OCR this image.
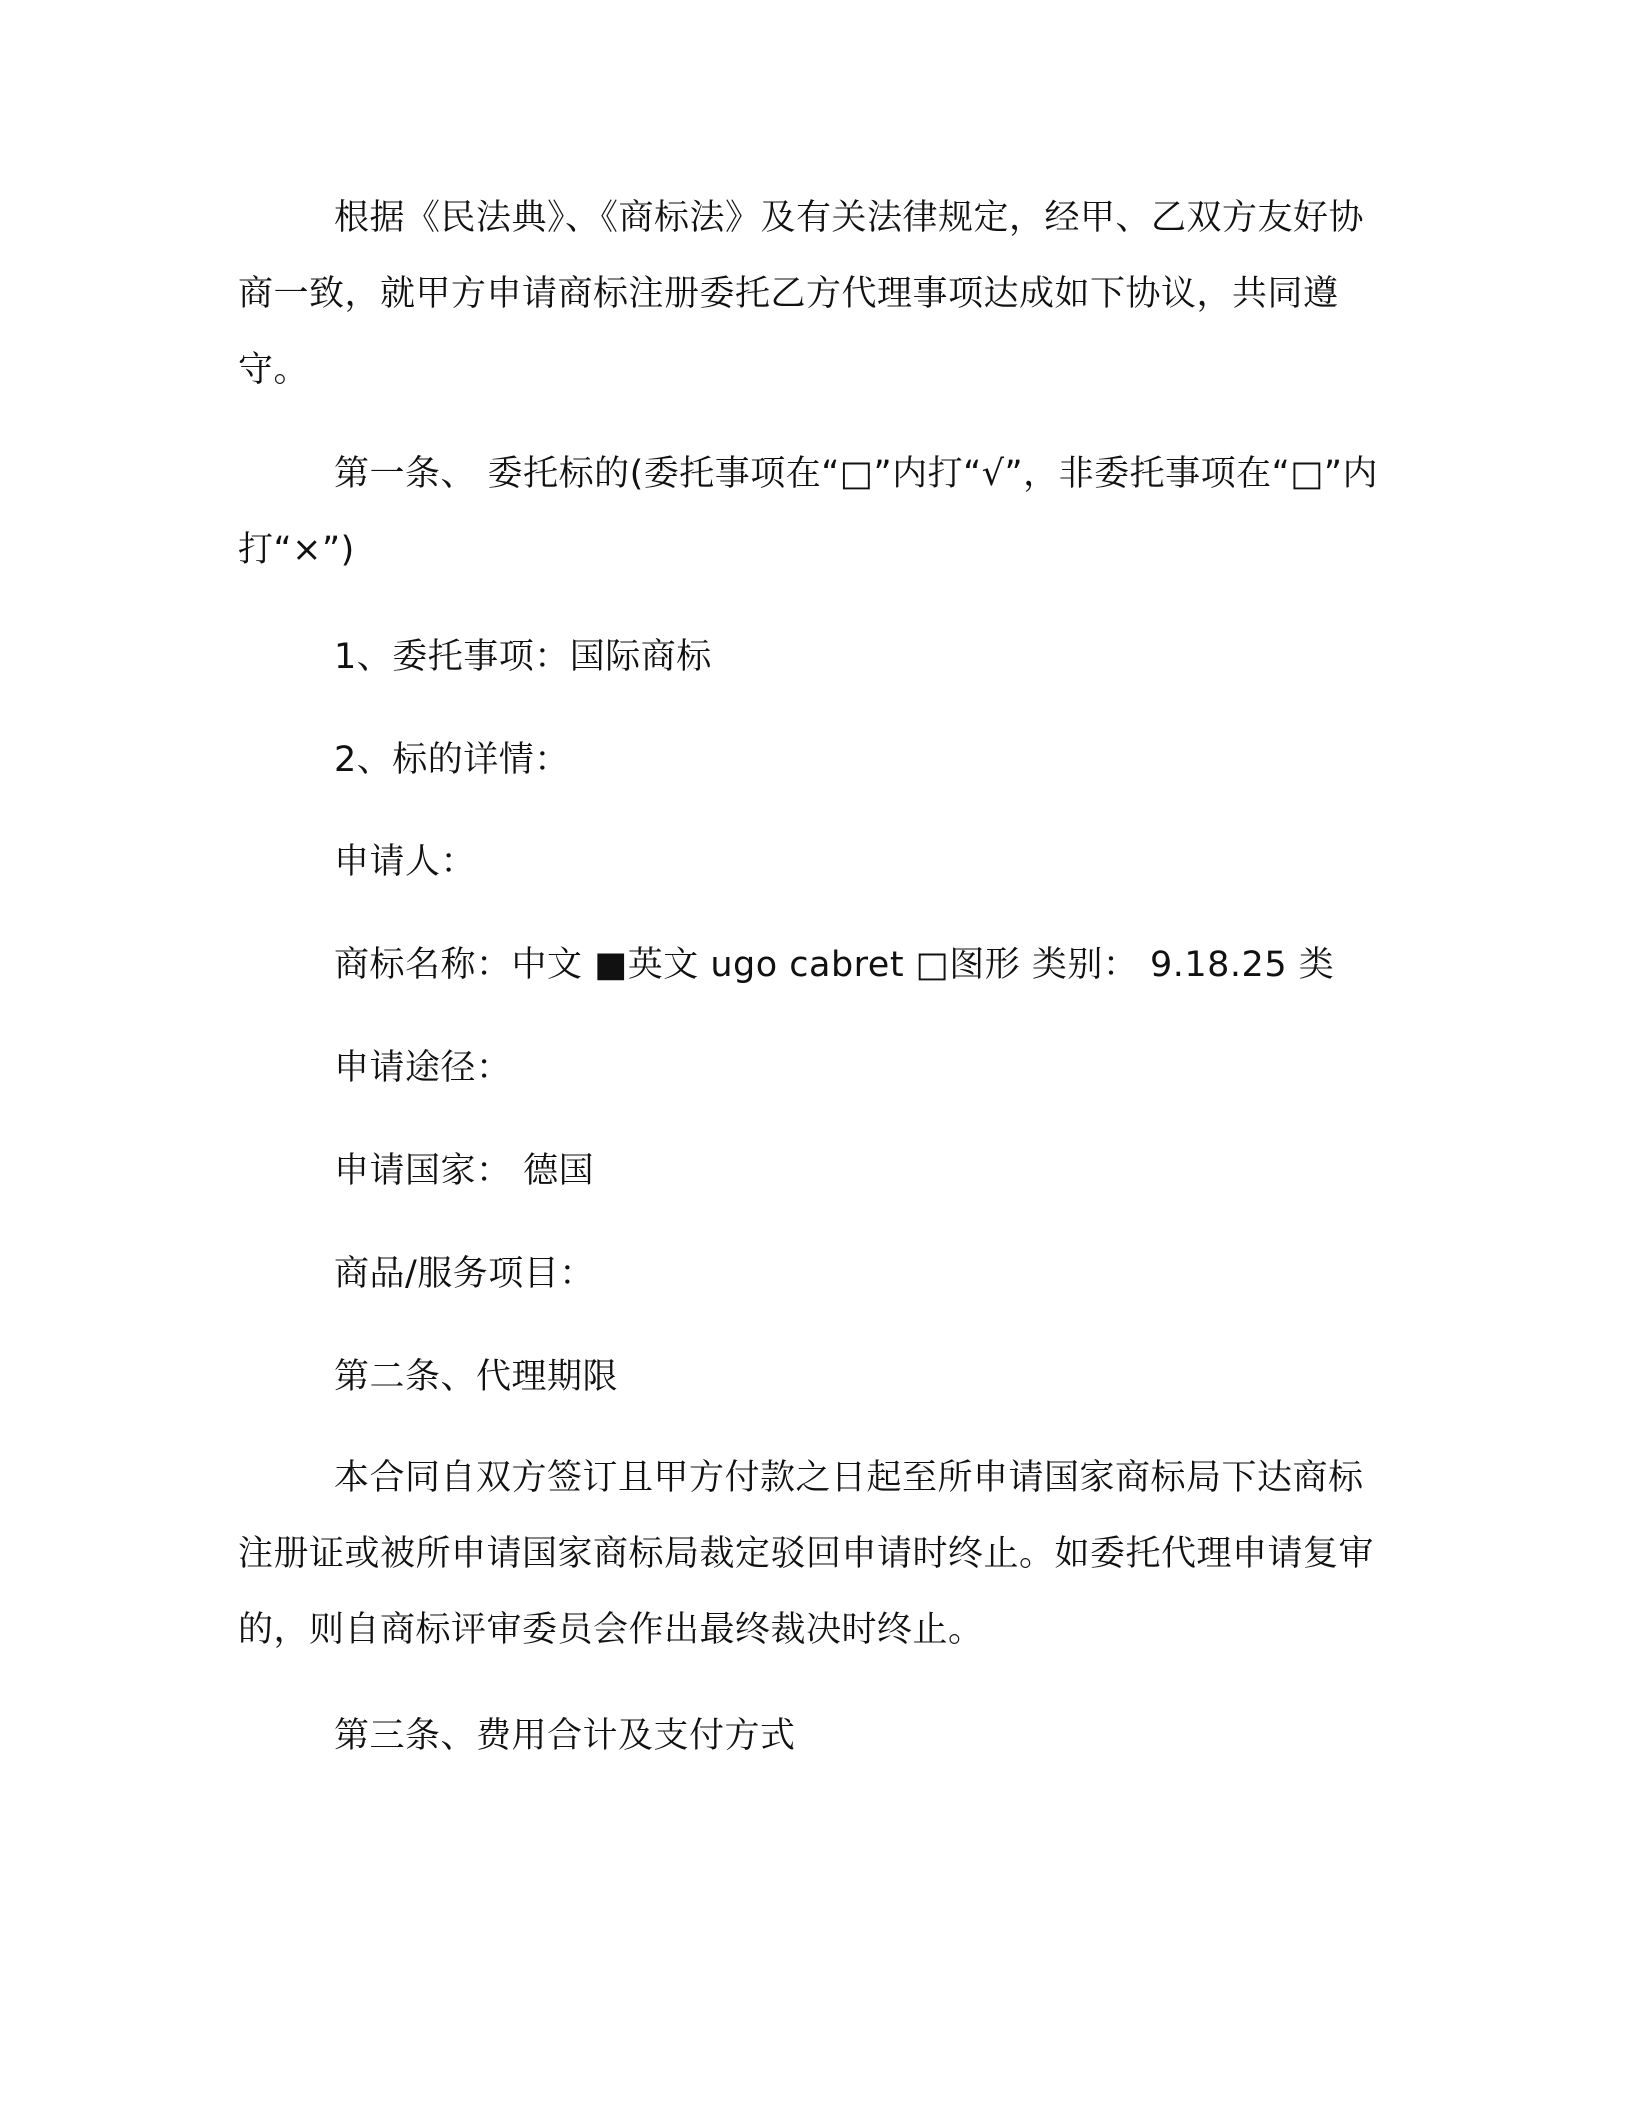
根据《民法典》、《商标法》及有关法律规定，经甲、乙双方友好协商一致，就甲方申请商标注册委托乙方代理事项达成如下协议，共同遵守。
第一条、 委托标的(委托事项在“□”内打“√”，非委托事项在“□”内打“×”)
1、委托事项：国际商标
2、标的详情：
申请人：
商标名称：中文 ■英文 ugo cabret □图形 类别： 9.18.25 类
申请途径：
申请国家： 德国
商品/服务项目：
第二条、代理期限
本合同自双方签订且甲方付款之日起至所申请国家商标局下达商标注册证或被所申请国家商标局裁定驳回申请时终止。如委托代理申请复审的，则自商标评审委员会作出最终裁决时终止。
第三条、费用合计及支付方式
